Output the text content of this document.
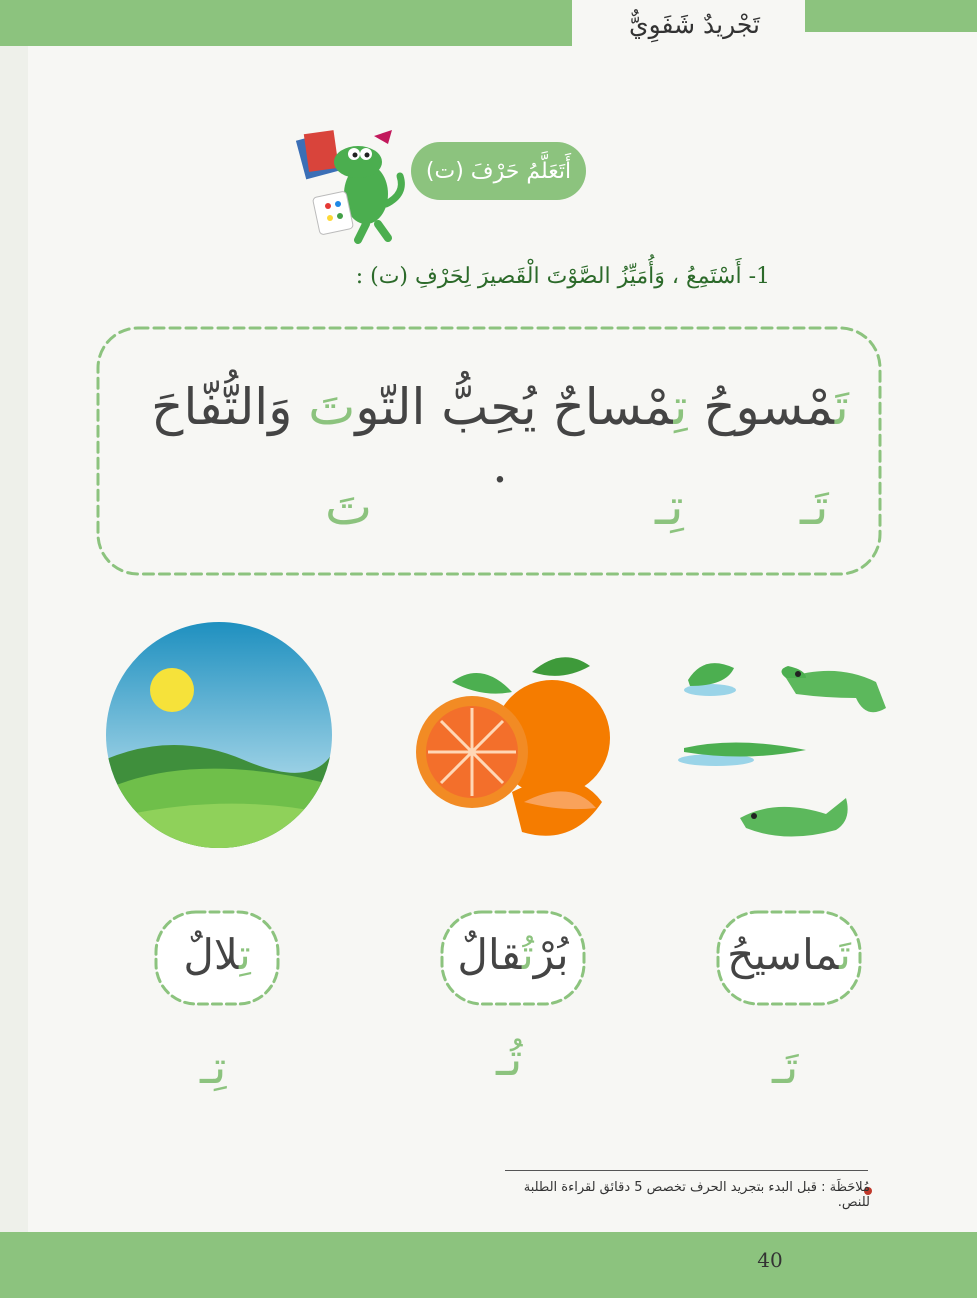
تَجْريدٌ شَفَوِيٌّ
أَتَعَلَّمُ حَرْفَ (ت)
1- أَسْتَمِعُ ، وَأُمَيِّزُ الصَّوْتَ الْقَصيرَ لِحَرْفِ (ت) :
تَمْسوحُ تِمْساحٌ يُحِبُّ التّوتَ وَالتُّفّاحَ .
تَـ
تِـ
تَ
تَماسيحُ
بُرْتُقالٌ
تِلالٌ
تَـ
تُـ
تِـ
مُلاحَظَة : قبل البدء بتجريد الحرف تخصص 5 دقائق لقراءة الطلبة للنص.
40
